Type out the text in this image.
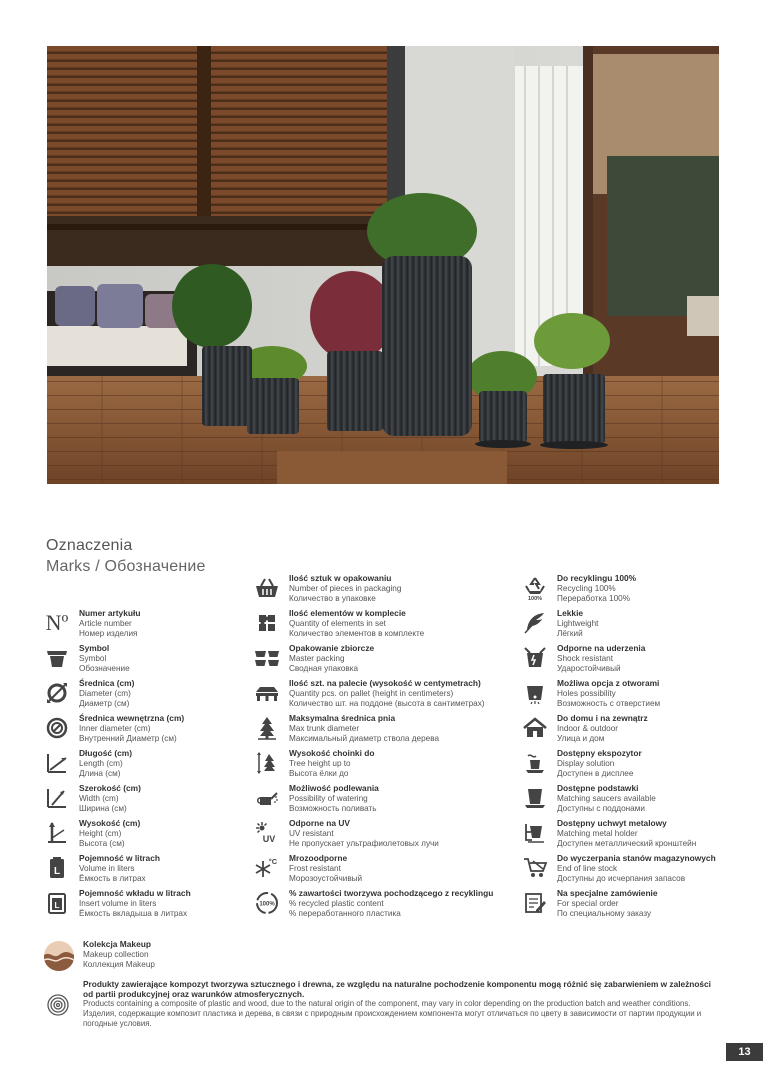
Oznaczenia
Marks / Обозначение
Nº	Numer artykułu
Article number
Номер изделия
Symbol
Symbol
Обозначение
Średnica (cm)
Diameter (cm)
Диаметр (см)
Średnica wewnętrzna (cm)
Inner diameter (cm)
Внутренний Диаметр (см)
Długość (cm)
Length (cm)
Длина (см)
Szerokość (cm)
Width (cm)
Ширина (см)
Wysokość (cm)
Height (cm)
Высота (см)
L
Pojemność w litrach
Volume in liters
Ёмкость в литрах
L
Pojemność wkładu w litrach
Insert volume in liters
Ёмкость вкладыша в литрах
Ilość sztuk w opakowaniu
Number of pieces in packaging
Количество в упаковке
Ilość elementów w komplecie
Quantity of elements in set
Количество элементов в комплекте
Opakowanie zbiorcze
Master packing
Сводная упаковка
Ilość szt. na palecie (wysokość w centymetrach)
Quantity pcs. on pallet (height in centimeters)
Количество шт. на поддоне (высота в сантиметрах)
Maksymalna średnica pnia
Max trunk diameter
Максимальный диаметр ствола дерева
Wysokość choinki do
Tree height up to
Высота ёлки до
Możliwość podlewania
Possibility of watering
Возможность поливать
UV
Odporne na UV
UV resistant
Не пропускает ультрафиолетовых лучи
°C Mrozoodporne
Frost resistant
Морозоустойчивый
100%
% zawartości tworzywa pochodzącego z recyklingu
% recycled plastic content
% переработанного пластика
100%
Do recyklingu 100%
Recycling 100%
Переработка 100%
Lekkie
Lightweight
Лёгкий
Odporne na uderzenia
Shock resistant
Ударостойчивый
Możliwa opcja z otworami
Holes possibility
Возможность с отверстием
Do domu i na zewnątrz
Indoor & outdoor
Улица и дом
Dostępny ekspozytor
Display solution
Доступен в дисплее
Dostępne podstawki
Matching saucers available
Доступны с поддонами
Dostępny uchwyt metalowy
Matching metal holder
Доступен металлический кронштейн
Do wyczerpania stanów magazynowych
End of line stock
Доступны до исчерпания запасов
Na specjalne zamówienie
For special order
По специальному заказу
Kolekcja Makeup
Makeup collection
Коллекция Makeup
Produkty zawierające kompozyt tworzywa sztucznego i drewna, ze względu na naturalne pochodzenie komponentu mogą różnić się zabarwieniem w zależności od partii produkcyjnej oraz warunków atmosferycznych.
Products containing a composite of plastic and wood, due to the natural origin of the component, may vary in color depending on the production batch and weather conditions.
Изделия, содержащие композит пластика и дерева, в связи с природным происхождением компонента могут отличаться по цвету в зависимости от партии продукции и погодные условия.
13
